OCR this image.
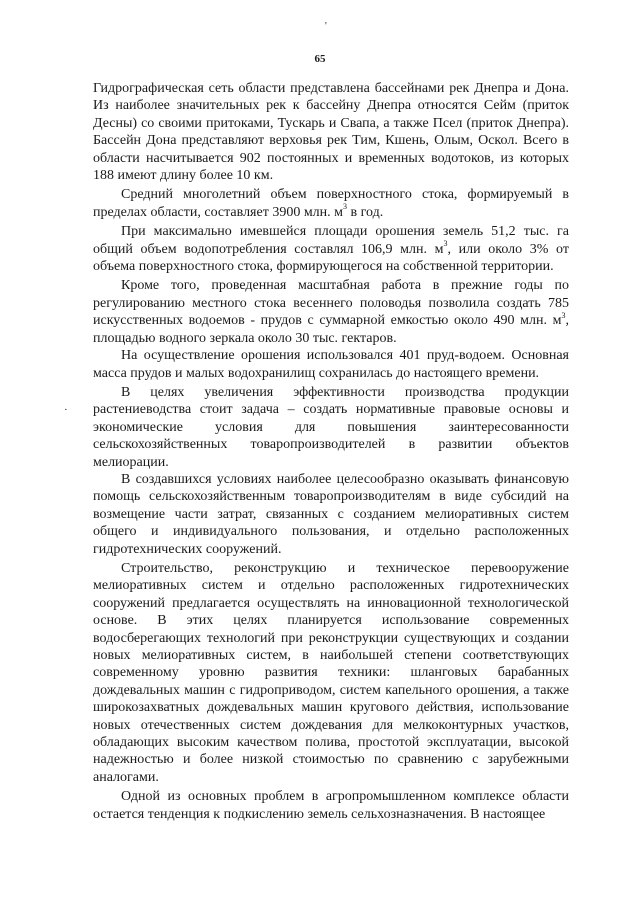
'
65
·

Гидрографическая сеть области представлена бассейнами рек Днепра и Дона. Из наиболее значительных рек к бассейну Днепра относятся Сейм (приток Десны) со своими притоками, Тускарь и Свапа, а также Псел (приток Днепра). Бассейн Дона представляют верховья рек Тим, Кшень, Олым, Оскол. Всего в области насчитывается 902 постоянных и временных водотоков, из которых 188 имеют длину более 10 км.

Средний многолетний объем поверхностного стока, формируемый в пределах области, составляет 3900 млн. $м^3$ в год.

При максимально имевшейся площади орошения земель 51,2 тыс. га общий объем водопотребления составлял 106,9 млн. $м^3$, или около 3% от объема поверхностного стока, формирующегося на собственной территории.

Кроме того, проведенная масштабная работа в прежние годы по регулированию местного стока весеннего половодья позволила создать 785 искусственных водоемов - прудов с суммарной емкостью около 490 млн. $м^3$, площадью водного зеркала около 30 тыс. гектаров.

На осуществление орошения использовался 401 пруд-водоем. Основная масса прудов и малых водохранилищ сохранилась до настоящего времени.

В целях увеличения эффективности производства продукции растениеводства стоит задача – создать нормативные правовые основы и экономические условия для повышения заинтересованности сельскохозяйственных товаропроизводителей в развитии объектов мелиорации.

В создавшихся условиях наиболее целесообразно оказывать финансовую помощь сельскохозяйственным товаропроизводителям в виде субсидий на возмещение части затрат, связанных с созданием мелиоративных систем общего и индивидуального пользования, и отдельно расположенных гидротехнических сооружений.

Строительство, реконструкцию и техническое перевооружение мелиоративных систем и отдельно расположенных гидротехнических сооружений предлагается осуществлять на инновационной технологической основе. В этих целях планируется использование современных водосберегающих технологий при реконструкции существующих и создании новых мелиоративных систем, в наибольшей степени соответствующих современному уровню развития техники: шланговых барабанных дождевальных машин с гидроприводом, систем капельного орошения, а также широкозахватных дождевальных машин кругового действия, использование новых отечественных систем дождевания для мелкоконтурных участков, обладающих высоким качеством полива, простотой эксплуатации, высокой надежностью и более низкой стоимостью по сравнению с зарубежными аналогами.

Одной из основных проблем в агропромышленном комплексе области остается тенденция к подкислению земель сельхозназначения. В настоящее
